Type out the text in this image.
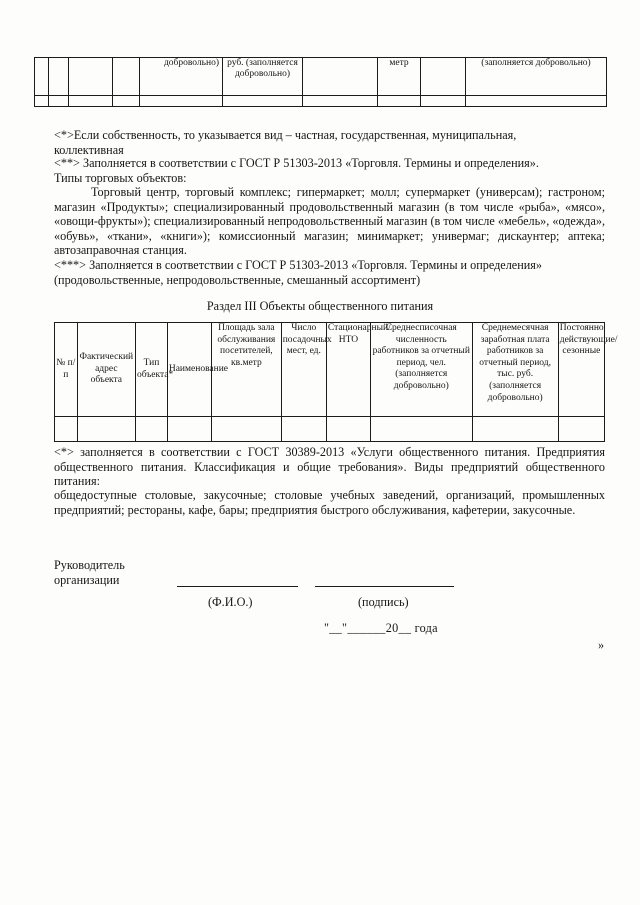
				добровольно)	руб. (заполняется добровольно)		метр		(заполняется добровольно)

<*>Если собственность, то указывается вид – частная, государственная, муниципальная,
коллективная
<**> Заполняется в соответствии с ГОСТ Р 51303-2013 «Торговля. Термины и определения».
Типы торговых объектов:
Торговый центр, торговый комплекс; гипермаркет; молл; супермаркет (универсам); гастроном; магазин «Продукты»; специализированный продовольственный магазин (в том числе «рыба», «мясо», «овощи-фрукты»); специализированный непродовольственный магазин (в том числе «мебель», «одежда», «обувь», «ткани», «книги»); комиссионный магазин; минимаркет; универмаг; дискаунтер; аптека; автозаправочная станция.
<***> Заполняется в соответствии с ГОСТ Р 51303-2013 «Торговля. Термины и определения»
(продовольственные, непродовольственные, смешанный ассортимент)
Раздел III Объекты общественного питания
№ п/п	Фактический адрес объекта	Тип объекта*	Наименование	Площадь зала обслуживания посетителей, кв.метр	Число посадочных мест, ед.	Стационарный/ НТО	Среднесписочная численность работников за отчетный период, чел. (заполняется добровольно)	Среднемесячная заработная плата работников за отчетный период, тыс. руб. (заполняется добровольно)	Постоянно действующие/ сезонные

<*> заполняется в соответствии с ГОСТ 30389-2013 «Услуги общественного питания. Предприятия общественного питания. Классификация и общие требования». Виды предприятий общественного питания:
общедоступные столовые, закусочные; столовые учебных заведений, организаций, промышленных предприятий; рестораны, кафе, бары; предприятия быстрого обслуживания, кафетерии, закусочные.
Руководитель
организации
(Ф.И.О.)	(подпись)
"__"______20__ года
»
